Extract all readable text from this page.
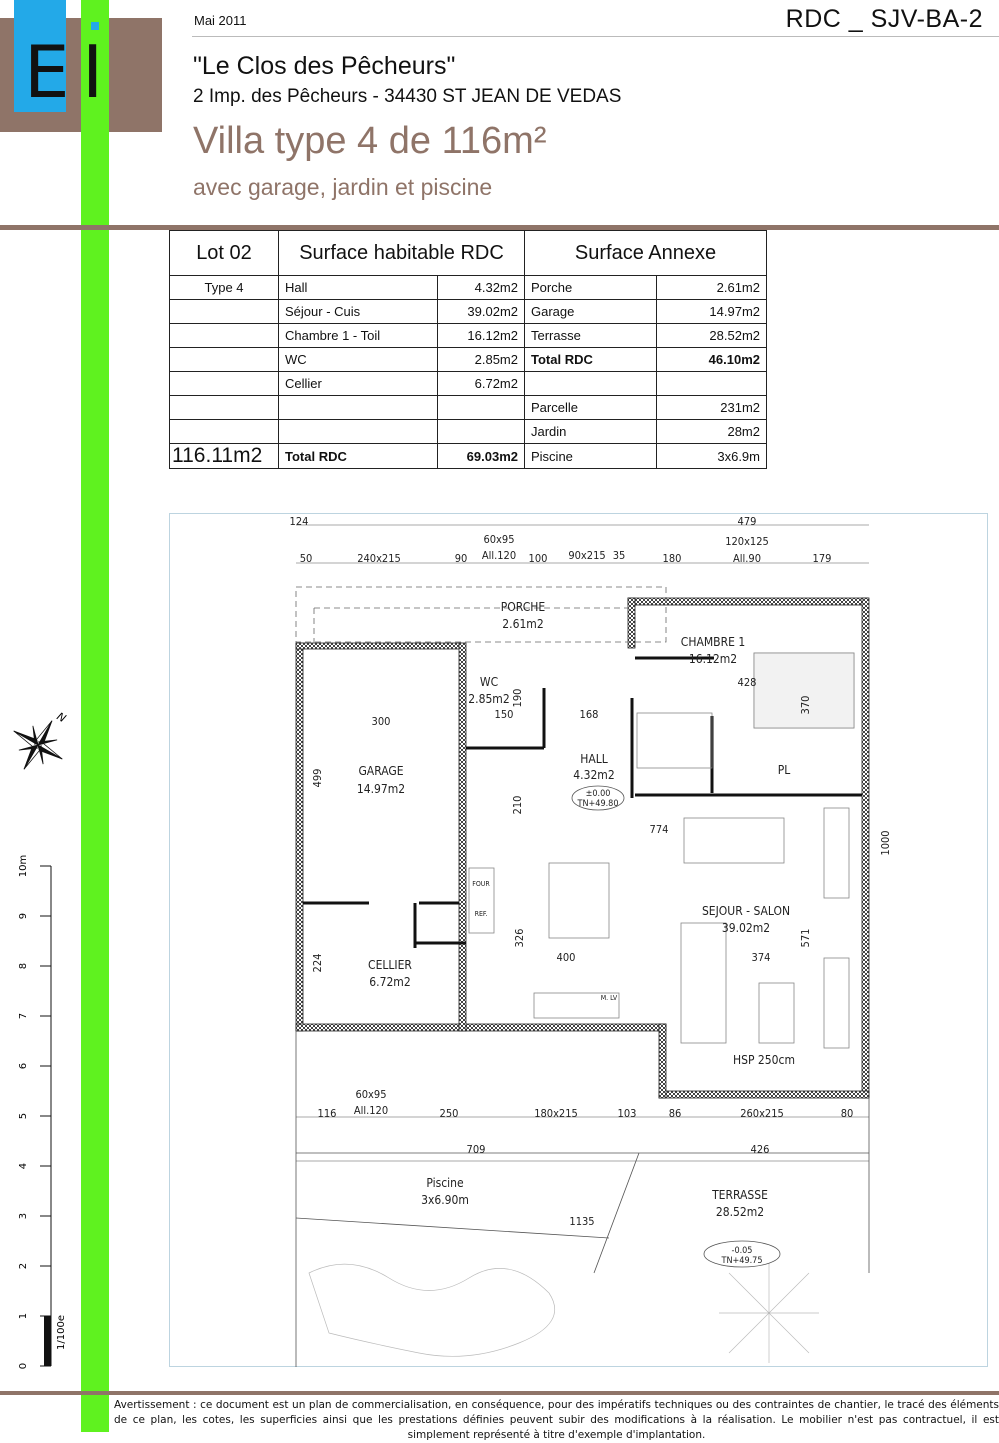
E I
Mai 2011	RDC _ SJV-BA-2
"Le Clos des Pêcheurs"
2 Imp. des Pêcheurs - 34430 ST JEAN DE VEDAS
Villa type 4 de 116m²
avec garage, jardin et piscine
Lot 02	Surface habitable RDC		Surface Annexe	
Type 4	Hall	4.32m2	Porche	2.61m2
	Séjour - Cuis	39.02m2	Garage	14.97m2
	Chambre 1 - Toil	16.12m2	Terrasse	28.52m2
	WC	2.85m2	Total RDC	46.10m2
	Cellier	6.72m2		
			Parcelle	231m2
			Jardin	28m2
116.11m2	Total RDC	69.03m2	Piscine	3x6.9m
N
0
1
2
3
4
5
6
7
8
9
10m
1/100e
PORCHE
2.61m2
CHAMBRE 1
16.12m2
WC
2.85m2
HALL
4.32m2
±0.00
TN+49.80
GARAGE
14.97m2
SEJOUR - SALON
39.02m2
CELLIER
6.72m2
HSP 250cm
PL
Piscine
3x6.90m	TERRASSE
28.52m2
-0.05
TN+49.75
124	479
60x95
All.120
120x125
All.90
50	240x215	90	100 90x215 35	180	179
300
499
224
150
190
168
428
370
210
774
326
400	374
571
1000
60x95
All.120
116	250	180x215	103	86	260x215	80
709	426
1135
FOUR
REF.
M. LV
Avertissement : ce document est un plan de commercialisation, en conséquence, pour des impératifs techniques ou des contraintes de chantier, le tracé des éléments de ce plan, les cotes, les superficies ainsi que les prestations définies peuvent subir des modifications à la réalisation. Le mobilier n'est pas contractuel, il est simplement représenté à titre d'exemple d'implantation.
